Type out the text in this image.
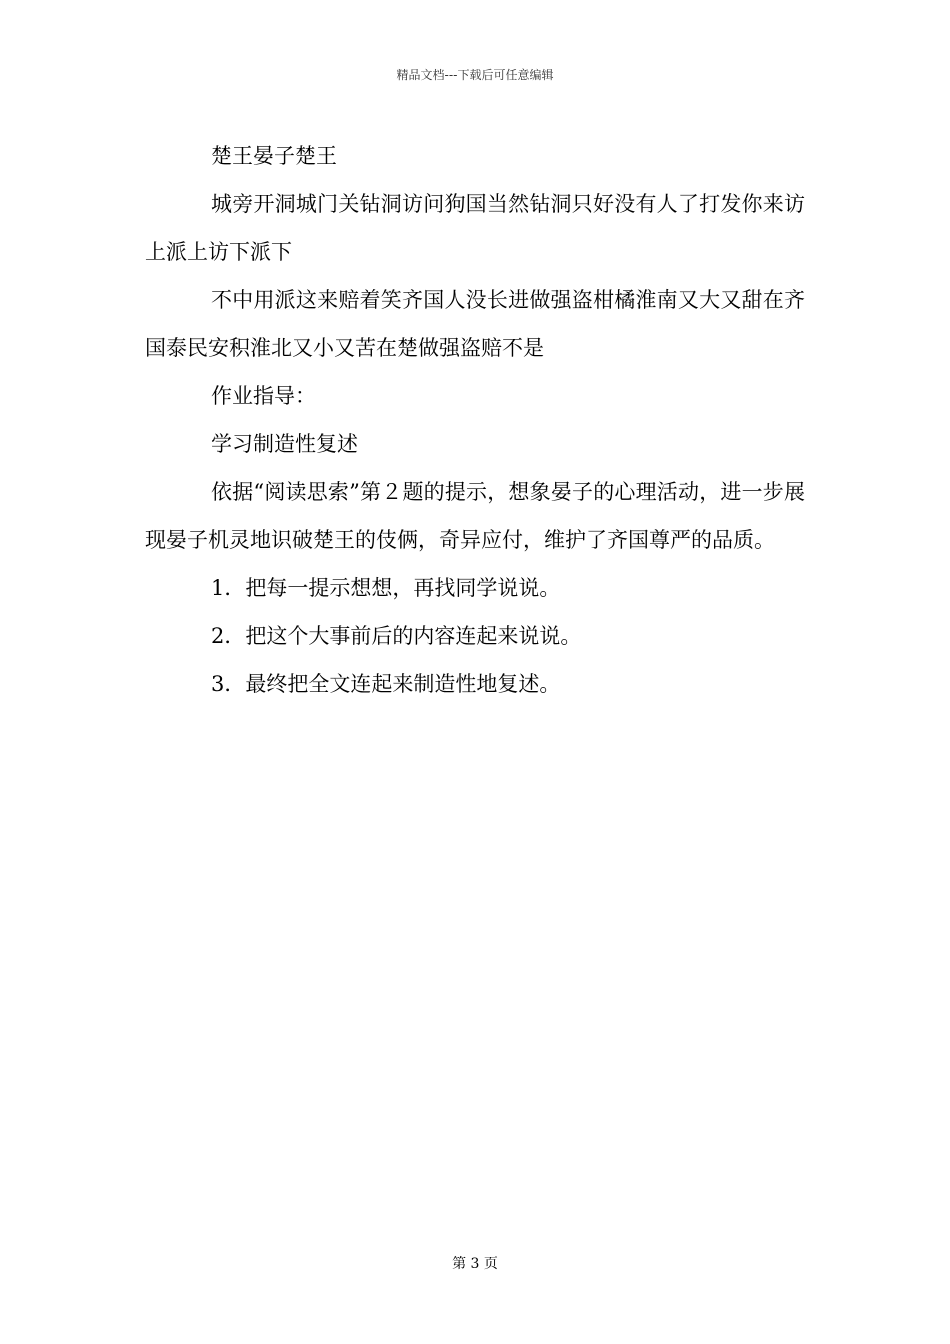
精品文档---下载后可任意编辑

楚王晏子楚王

城旁开洞城门关钻洞访问狗国当然钻洞只好没有人了打发你来访上派上访下派下

不中用派这来赔着笑齐国人没长进做强盗柑橘淮南又大又甜在齐国泰民安积淮北又小又苦在楚做强盗赔不是

作业指导：

学习制造性复述

依据“阅读思索”第２题的提示，想象晏子的心理活动，进一步展现晏子机灵地识破楚王的伎俩，奇异应付，维护了齐国尊严的品质。

1．把每一提示想想，再找同学说说。

2．把这个大事前后的内容连起来说说。

3．最终把全文连起来制造性地复述。

第 3 页
